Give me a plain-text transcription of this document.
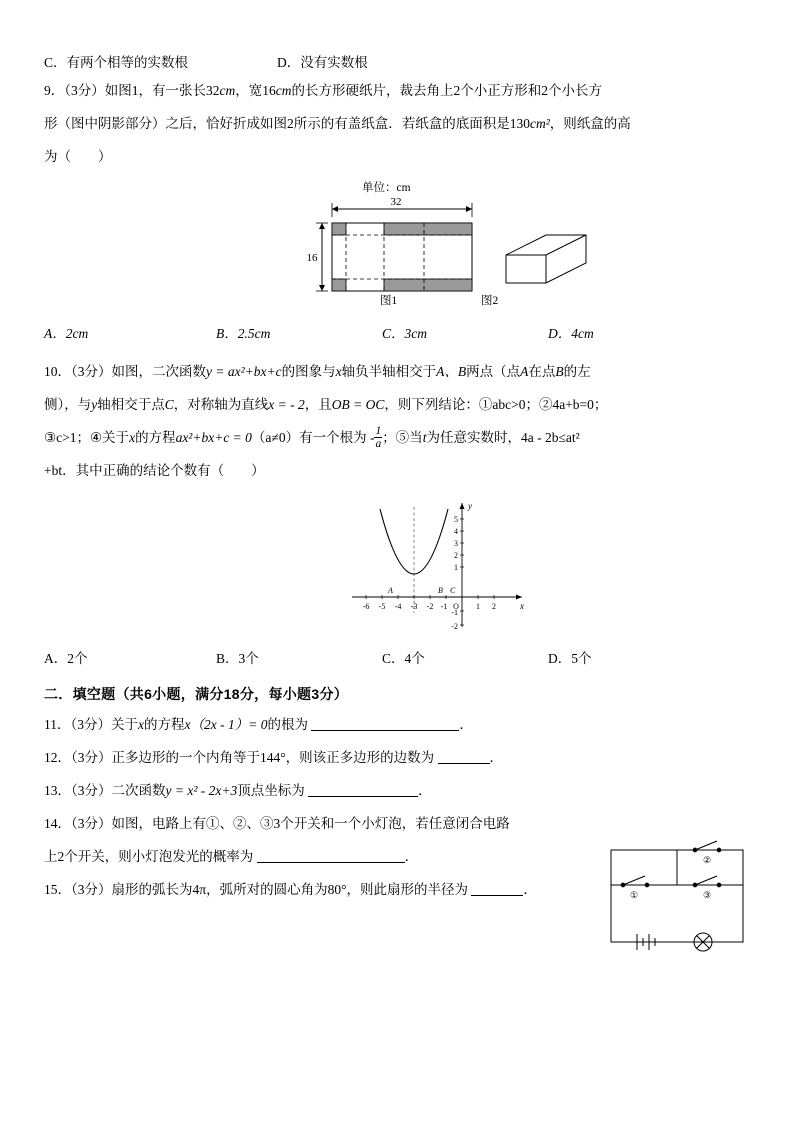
C．有两个相等的实数根	D．没有实数根
9．（3分）如图1，有一张长32cm，宽16cm的长方形硬纸片，裁去角上2个小正方形和2个小长方
形（图中阴影部分）之后，恰好折成如图2所示的有盖纸盒．若纸盒的底面积是130cm²，则纸盒的高
为（　　）
单位：cm
32
16
图1	图2
A．2cm	B．2.5cm	C．3cm	D．4cm
10．（3分）如图，二次函数y = ax²+bx+c的图象与x轴负半轴相交于A、B两点（点A在点B的左
侧），与y轴相交于点C，对称轴为直线x = - 2，且OB = OC，则下列结论：①abc>0；②4a+b=0；
③c>1；④关于x的方程ax²+bx+c = 0（a≠0）有一个根为 - $\frac{1}{a}$ ；⑤当t为任意实数时，4a - 2b≤at²
+bt．其中正确的结论个数有（　　）
y
x
-6 -5 -4 -3 -2 -1 O 1 2
5
4
3
2
1
-1
-2
A	B C
A．2个	B．3个	C．4个	D．5个
二．填空题（共6小题，满分18分，每小题3分）
11．（3分）关于x的方程x（2x - 1）= 0的根为	．
12．（3分）正多边形的一个内角等于144°，则该正多边形的边数为	．
13．（3分）二次函数y = x² - 2x+3顶点坐标为	．
14．（3分）如图，电路上有①、②、③3个开关和一个小灯泡，若任意闭合电路
上2个开关，则小灯泡发光的概率为	．
15．（3分）扇形的弧长为4π，弧所对的圆心角为80°，则此扇形的半径为	．	①
②
③
